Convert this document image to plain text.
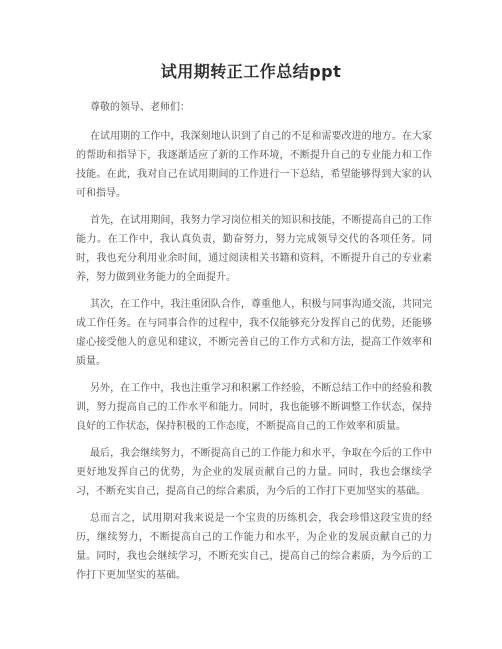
试用期转正工作总结ppt

尊敬的领导、老师们：

在试用期的工作中，我深刻地认识到了自己的不足和需要改进的地方。在大家的帮助和指导下，我逐渐适应了新的工作环境，不断提升自己的专业能力和工作技能。在此，我对自己在试用期间的工作进行一下总结，希望能够得到大家的认可和指导。

首先，在试用期间，我努力学习岗位相关的知识和技能，不断提高自己的工作能力。在工作中，我认真负责，勤奋努力，努力完成领导交代的各项任务。同时，我也充分利用业余时间，通过阅读相关书籍和资料，不断提升自己的专业素养，努力做到业务能力的全面提升。

其次，在工作中，我注重团队合作，尊重他人，积极与同事沟通交流，共同完成工作任务。在与同事合作的过程中，我不仅能够充分发挥自己的优势，还能够虚心接受他人的意见和建议，不断完善自己的工作方式和方法，提高工作效率和质量。

另外，在工作中，我也注重学习和积累工作经验，不断总结工作中的经验和教训，努力提高自己的工作水平和能力。同时，我也能够不断调整工作状态，保持良好的工作状态，保持积极的工作态度，不断提高自己的工作效率和质量。

最后，我会继续努力，不断提高自己的工作能力和水平，争取在今后的工作中更好地发挥自己的优势，为企业的发展贡献自己的力量。同时，我也会继续学习，不断充实自己，提高自己的综合素质，为今后的工作打下更加坚实的基础。

总而言之，试用期对我来说是一个宝贵的历练机会，我会珍惜这段宝贵的经历，继续努力，不断提高自己的工作能力和水平，为企业的发展贡献自己的力量。同时，我也会继续学习，不断充实自己，提高自己的综合素质，为今后的工作打下更加坚实的基础。
